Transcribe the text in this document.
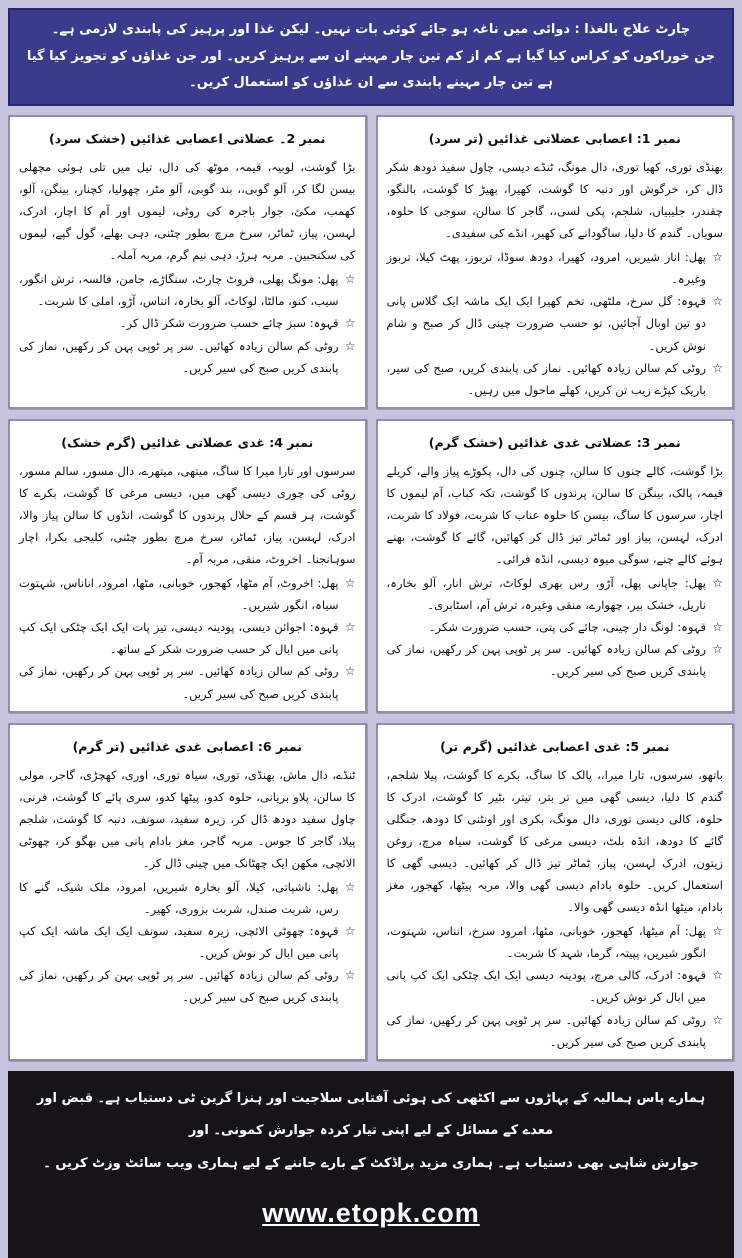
چارٹ علاج بالغذا : دوائی میں ناغہ ہو جائے کوئی بات نہیں۔ لیکن غذا اور پرہیز کی پابندی لازمی ہے۔
جن خوراکوں کو کراس کیا گیا ہے کم از کم تین چار مہینے ان سے پرہیز کریں۔ اور جن غذاؤں کو تجویز کیا گیا ہے تین چار مہینے پابندی سے ان غذاؤں کو استعمال کریں۔
نمبر 1: اعصابی عضلاتی غذائیں (تر سرد)

بھنڈی توری، کھیا توری، دال مونگ، ٹنڈے دیسی، چاول سفید دودھ شکر ڈال کر، خرگوش اور دنبہ کا گوشت، کھیرا، بھیڑ کا گوشت، بالنگو، چقندر، جلیبیاں، شلجم، پکی لسی،، گاجر کا سالن، سوجی کا حلوہ، سویاں۔ گندم کا دلیا، ساگودانے کی کھیر، انڈے کی سفیدی۔

☆
پھل: انار شیریں، امرود، کھیرا، دودھ سوڈا، تربوز، پھٹ کیلا، تربوز وغیرہ۔
☆
قہوہ: گل سرخ، ملٹھی، تخم کھیرا ایک ایک ماشہ ایک گلاس پانی دو تین اوبال آجائیں، تو حسب ضرورت چینی ڈال کر صبح و شام نوش کریں۔
☆
روٹی کم سالن زیادہ کھائیں۔ نماز کی پابندی کریں، صبح کی سیر، باریک کپڑے زیب تن کریں، کھلے ماحول میں رہیں۔
نمبر 2۔ عضلاتی اعصابی غذائیں (خشک سرد)

بڑا گوشت، لوبیہ، قیمہ، موٹھ کی دال، تیل میں تلی ہوئی مچھلی بیسن لگا کر، آلو گوبی،، بند گوبی، آلو مٹر، چھولیا، کچنار، بینگن، آلو، کھمب، مکئ، جوار باجرہ کی روٹی، لیموں اور آم کا اچار، ادرک، لہسن، پیاز، ٹماٹر، سرخ مرچ بطور چٹنی، دہی بھلے، گول گپے، لیموں کی سکنجبین۔ مربہ ہرڑ، دہی نیم گرم، مربہ آملہ۔

☆
پھل: مونگ پھلی، فروٹ چارٹ، سنگاڑے، جامن، فالسہ، ترش انگور، سیب، کنو، مالٹا، لوکاٹ، آلو بخارہ، انناس، آڑو، املی کا شربت۔
☆
قہوہ: سبز چائے حسب ضرورت شکر ڈال کر۔
☆
روٹی کم سالن زیادہ کھائیں۔ سر پر ٹوپی پہن کر رکھیں، نماز کی پابندی کریں صبح کی سیر کریں۔
نمبر 3: عضلاتی غدی غذائیں (خشک گرم)

بڑا گوشت، کالے چنوں کا سالن، چنوں کی دال، پکوڑے پیاز والے، کریلے قیمہ، پالک، بینگن کا سالن، پرندوں کا گوشت، تکہ کباب، آم لیموں کا اچار، سرسوں کا ساگ، بیسن کا حلوہ عناب کا شربت، فولاد کا شربت، ادرک، لہسن، پیاز اور ٹماٹر تیز ڈال کر کھائیں، گائے کا گوشت، بھنے ہوئے کالے چنے، سوگی میوہ دیسی، انڈہ فرائی۔

☆
پھل: جاپانی پھل، آڑو، رس بھری لوکاٹ، ترش انار، آلو بخارہ، ناریل، خشک بیر، چھوارے، منقی وغیرہ، ترش آم، اسٹابری۔
☆
قہوہ: لونگ دار چینی، چائے کی پتی، حسب ضرورت شکر۔
☆
روٹی کم سالن زیادہ کھائیں۔ سر پر ٹوپی پہن کر رکھیں، نماز کی پابندی کریں صبح کی سیر کریں۔
نمبر 4: غدی عضلاتی غذائیں (گرم خشک)

سرسوں اور تارا میرا کا ساگ، میتھی، میتھرے، دال مسور، سالم مسور، روٹی کی چوری دیسی گھی میں، دیسی مرغی کا گوشت، بکرے کا گوشت، ہر قسم کے حلال پرندوں کا گوشت، انڈوں کا سالن پیاز والا، ادرک، لہسن، پیاز، ٹماٹر، سرخ مرچ بطور چٹنی، کلیجی بکرا، اچار سوہانجنا۔ اخروٹ، منقی، مربہ آم۔

☆
پھل: اخروٹ، آم مٹھا، کھجور، خوبانی، مٹھا، امرود، اناناس، شہتوت سیاہ، انگور شیریں۔
☆
قہوہ: اجوائن دیسی، پودینہ دیسی، تیز پات ایک ایک چٹکی ایک کپ پانی میں ابال کر حسب ضرورت شکر کے ساتھ۔
☆
روٹی کم سالن زیادہ کھائیں۔ سر پر ٹوپی پہن کر رکھیں، نماز کی پابندی کریں صبح کی سیر کریں۔
نمبر 5: غدی اعصابی غذائیں (گرم تر)

باتھو، سرسوں، تارا میرا،، پالک کا ساگ، بکرے کا گوشت، پیلا شلجم، گندم کا دلیا، دیسی گھی میں تر بتر، تیتر، بٹیر کا گوشت، ادرک کا حلوہ، کالی دیسی توری، دال مونگ، بکری اور اونٹنی کا دودھ، جنگلی گائے کا دودھ، انڈہ بلٹ، دیسی مرغی کا گوشت، سیاہ مرچ، روغن زیتون، ادرک لہسن، پیاز، ٹماٹر تیز ڈال کر کھائیں۔ دیسی گھی کا استعمال کریں۔ حلوہ بادام دیسی گھی والا، مربہ پیٹھا، کھجور، مغز بادام، میٹھا انڈہ دیسی گھی والا۔

☆
پھل: آم میٹھا، کھجور، خوبانی، مٹھا، امرود سرخ، انناس، شہتوت، انگور شیریں، پپیتہ، گرما، شہد کا شربت۔
☆
قہوہ: ادرک، کالی مرچ، پودینہ دیسی ایک ایک چٹکی ایک کپ پانی میں ابال کر نوش کریں۔
☆
روٹی کم سالن زیادہ کھائیں۔ سر پر ٹوپی پہن کر رکھیں، نماز کی پابندی کریں صبح کی سیر کریں۔
نمبر 6: اعصابی غدی غذائیں (تر گرم)

ٹنڈے، دال ماش، بھنڈی، توری، سیاہ توری، اوری، کھچڑی، گاجر، مولی کا سالن، پلاو بریانی، حلوہ کدو، پیٹھا کدو، سری پائے کا گوشت، فرنی، چاول سفید دودھ ڈال کر، زیرہ سفید، سونف، دنبہ کا گوشت، شلجم پیلا، گاجر کا جوس۔ مربہ گاجر، مغز بادام پانی میں بھگو کر، چھوٹی الائچی، مکھن ایک چھٹانک میں چینی ڈال کر۔

☆
پھل: ناشپاتی، کیلا، آلو بخارہ شیریں، امرود، ملک شیک، گنے کا رس، شربت صندل، شربت بزوری، کھیر۔
☆
قہوہ: چھوٹی الائچی، زیرہ سفید، سونف ایک ایک ماشہ ایک کپ پانی میں ابال کر نوش کریں۔
☆
روٹی کم سالن زیادہ کھائیں۔ سر پر ٹوپی پہن کر رکھیں، نماز کی پابندی کریں صبح کی سیر کریں۔
ہمارے پاس ہمالیہ کے پہاڑوں سے اکٹھی کی ہوئی آفتابی سلاجیت اور ہنزا گرین ٹی دستیاب ہے۔ قبض اور معدے کے مسائل کے لیے اپنی تیار کردہ جوارش کمونی۔ اور
جوارش شاہی بھی دستیاب ہے۔ ہماری مزید پراڈکٹ کے بارے جاننے کے لیے ہماری ویب سائٹ وزٹ کریں ۔ www.etopk.com
